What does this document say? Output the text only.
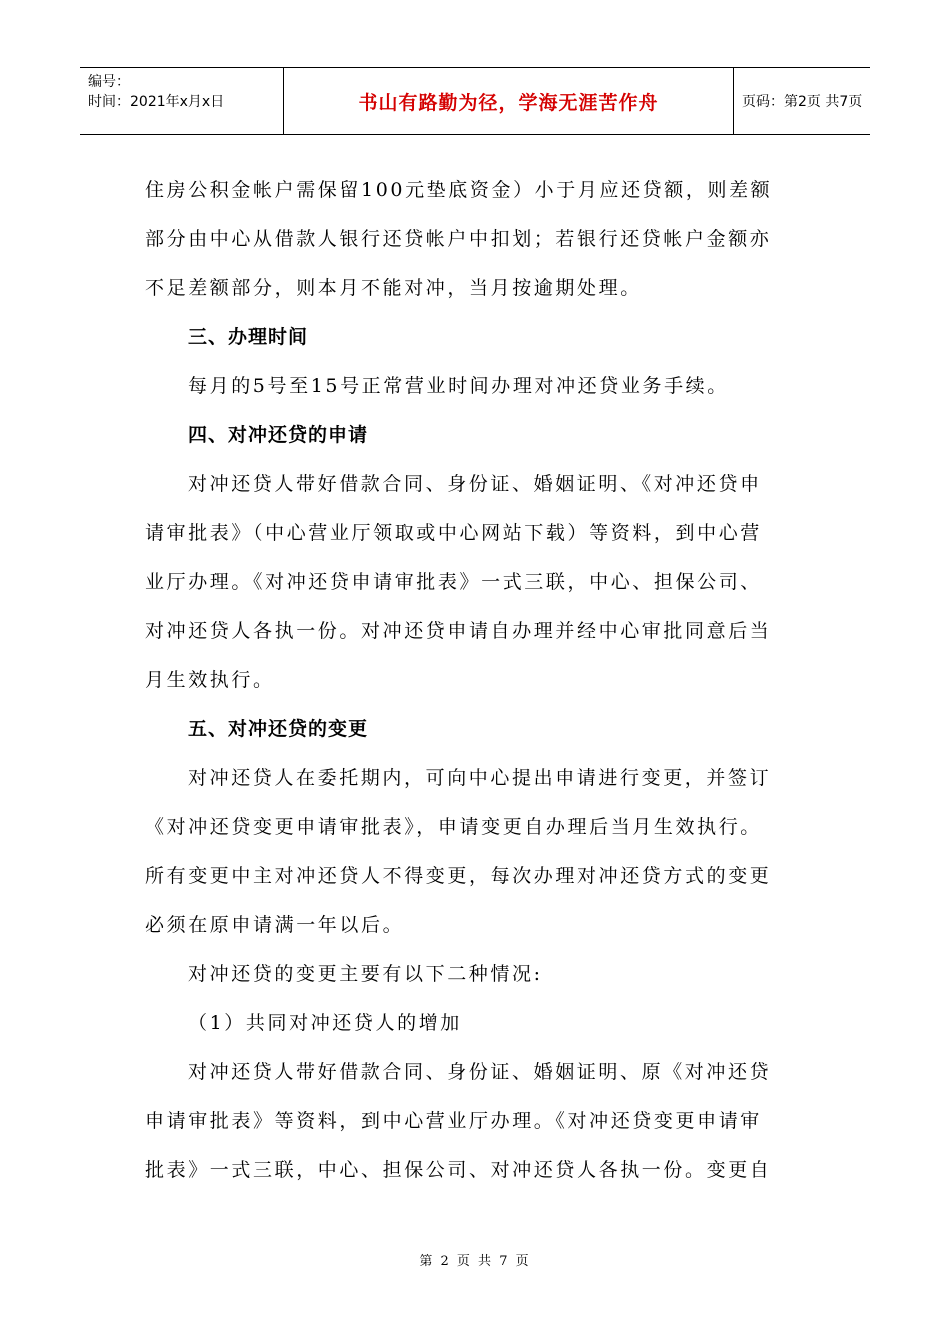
编号：
时间：2021年x月x日	书山有路勤为径，学海无涯苦作舟	页码：第2页 共7页

住房公积金帐户需保留100元垫底资金）小于月应还贷额，则差额

部分由中心从借款人银行还贷帐户中扣划；若银行还贷帐户金额亦

不足差额部分，则本月不能对冲，当月按逾期处理。

三、办理时间

每月的5号至15号正常营业时间办理对冲还贷业务手续。

四、对冲还贷的申请

对冲还贷人带好借款合同、身份证、婚姻证明、《对冲还贷申

请审批表》（中心营业厅领取或中心网站下载）等资料，到中心营

业厅办理。《对冲还贷申请审批表》一式三联，中心、担保公司、

对冲还贷人各执一份。对冲还贷申请自办理并经中心审批同意后当

月生效执行。

五、对冲还贷的变更

对冲还贷人在委托期内，可向中心提出申请进行变更，并签订

《对冲还贷变更申请审批表》，申请变更自办理后当月生效执行。

所有变更中主对冲还贷人不得变更，每次办理对冲还贷方式的变更

必须在原申请满一年以后。

对冲还贷的变更主要有以下二种情况:

（1）共同对冲还贷人的增加

对冲还贷人带好借款合同、身份证、婚姻证明、原《对冲还贷

申请审批表》等资料，到中心营业厅办理。《对冲还贷变更申请审

批表》一式三联，中心、担保公司、对冲还贷人各执一份。变更自

第 2 页 共 7 页
